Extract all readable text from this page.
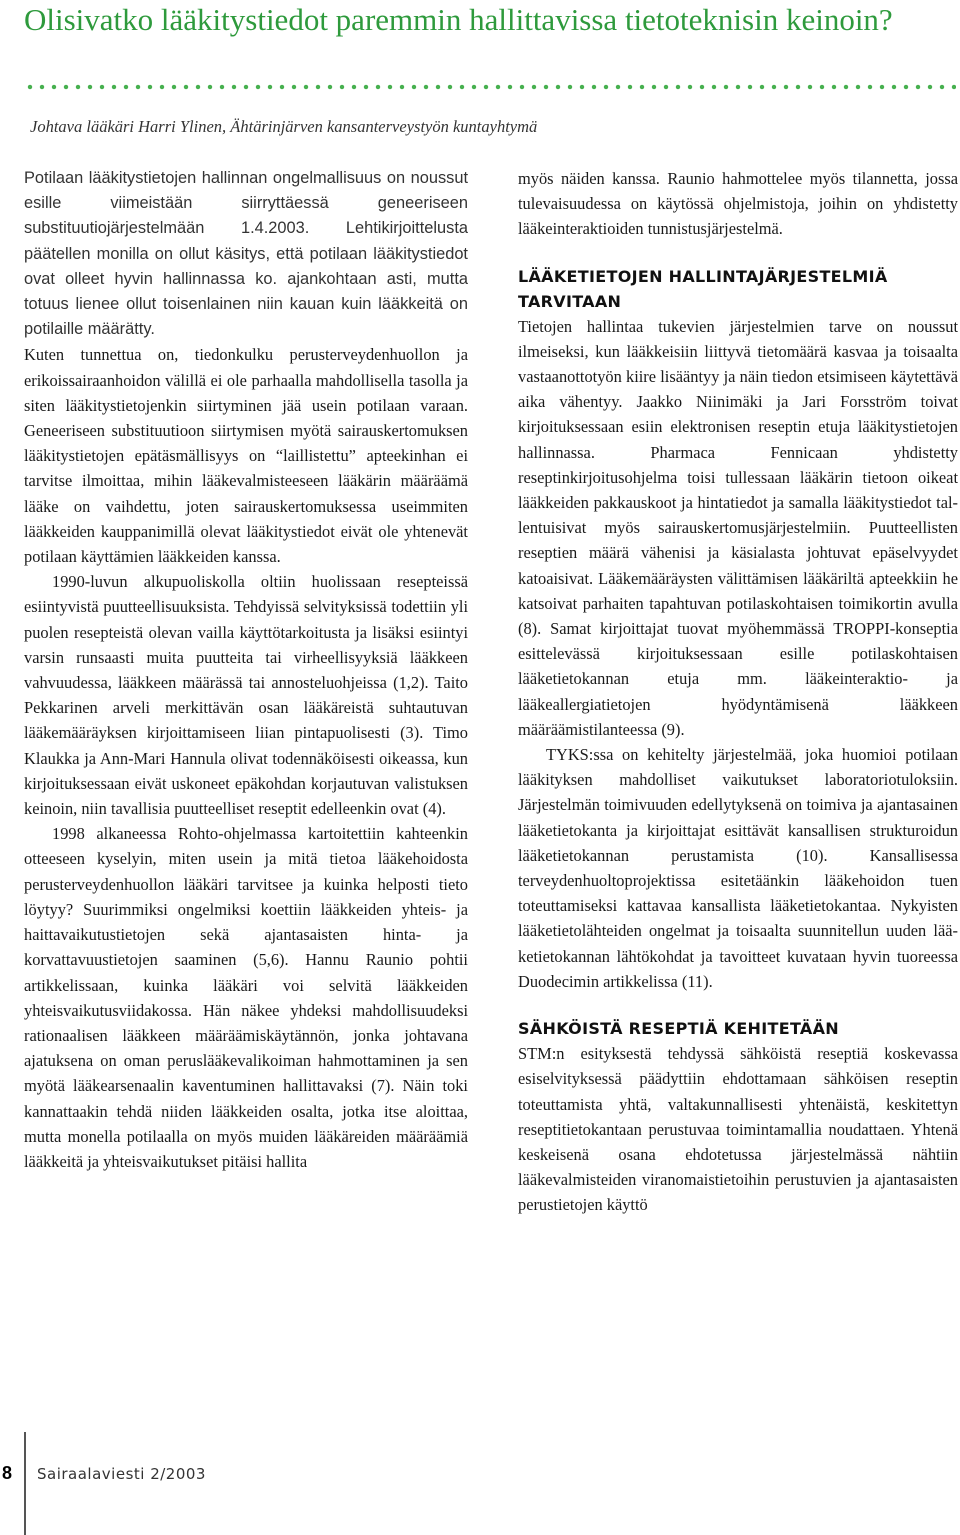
Olisivatko lääkitystiedot paremmin hallittavissa tietoteknisin keinoin?

Johtava lääkäri Harri Ylinen, Ähtärinjärven kansanterveystyön kuntayhtymä

Potilaan lääkitystietojen hallinnan ongelmallisuus on noussut esille viimeistään siirryttäessä geneeriseen substituutiojärjestelmään 1.4.2003. Lehtikirjoittelusta päätellen monilla on ollut käsitys, että potilaan lääkitystiedot ovat olleet hyvin hallinnassa ko. ajankohtaan asti, mutta totuus lienee ollut toisenlainen niin kauan kuin lääkkeitä on potilaille määrätty.

Kuten tunnettua on, tiedonkulku perusterveydenhuollon ja erikoissairaanhoidon välillä ei ole parhaalla mahdollisella tasolla ja siten lääkitystietojenkin siirtyminen jää usein potilaan varaan. Geneeriseen substituutioon siirtymisen myötä sairauskertomuksen lääkitystietojen epätäsmällisyys on “laillistettu” apteekinhan ei tarvitse ilmoittaa, mihin lääkevalmisteeseen lääkärin määräämä lääke on vaihdettu, joten sairauskertomuksessa useimmiten lääkkeiden kauppanimillä olevat lääkitystiedot eivät ole yhtenevät potilaan käyttämien lääkkeiden kanssa.

1990-luvun alkupuoliskolla oltiin huolissaan resepteissä esiintyvistä puutteellisuuksista. Tehdyissä selvityksissä todettiin yli puolen resepteistä olevan vailla käyttötarkoitusta ja lisäksi esiintyi varsin runsaasti muita puutteita tai virheellisyyksiä lääkkeen vahvuudessa, lääkkeen määrässä tai annosteluohjeissa (1,2). Taito Pekkarinen arveli merkittävän osan lääkäreistä suhtautuvan lääkemääräyksen kirjoittamiseen liian pintapuolisesti (3). Timo Klaukka ja Ann-Mari Hannula olivat todennäköisesti oikeassa, kun kirjoituksessaan eivät uskoneet epäkohdan korjautuvan valistuksen keinoin, niin tavallisia puutteelliset reseptit edelleenkin ovat (4).

1998 alkaneessa Rohto-ohjelmassa kartoitettiin kahteenkin otteeseen kyselyin, miten usein ja mitä tietoa lääkehoidosta perusterveydenhuollon lääkäri tarvitsee ja kuinka helposti tieto löytyy? Suurimmiksi ongelmiksi koettiin lääkkeiden yhteis- ja haittavaikutustietojen sekä ajantasaisten hinta- ja korvattavuustietojen saaminen (5,6). Hannu Raunio pohtii artikkelissaan, kuinka lääkäri voi selvitä lääkkeiden yhteisvaikutusviidakossa. Hän näkee yhdeksi mahdollisuudeksi rationaalisen lääkkeen määräämiskäytännön, jonka johtavana ajatuksena on oman peruslääkevalikoiman hahmottaminen ja sen myötä lääkearsenaalin kaventuminen hallittavaksi (7). Näin toki kannattaakin tehdä niiden lääkkeiden osalta, jotka itse aloittaa, mutta monella potilaalla on myös muiden lääkäreiden määräämiä lääkkeitä ja yhteisvaikutukset pitäisi hallita

myös näiden kanssa. Raunio hahmottelee myös tilannetta, jossa tulevaisuudessa on käytössä ohjelmistoja, joihin on yhdistetty lääkeinteraktioiden tunnistusjärjestelmä.

LÄÄKETIETOJEN HALLINTAJÄRJESTELMIÄ TARVITAAN

Tietojen hallintaa tukevien järjestelmien tarve on noussut ilmeiseksi, kun lääkkeisiin liittyvä tietomäärä kasvaa ja toisaalta vastaanottotyön kiire lisääntyy ja näin tiedon etsimiseen käytettävä aika vähentyy. Jaakko Niinimäki ja Jari Forsström toivat kirjoituksessaan esiin elektronisen reseptin etuja lääkitystietojen hallinnassa. Pharmaca Fennicaan yhdistetty reseptinkirjoitusohjelma toisi tullessaan lääkärin tietoon oikeat lääkkeiden pakkauskoot ja hintatiedot ja samalla lääkitystiedot tallentuisivat myös sairauskertomusjärjestelmiin. Puutteellisten reseptien määrä vähenisi ja käsialasta johtuvat epäselvyydet katoaisivat. Lääkemääräysten välittämisen lääkäriltä apteekkiin he katsoivat parhaiten tapahtuvan potilaskohtaisen toimikortin avulla (8). Samat kirjoittajat tuovat myöhemmässä TROPPI-konseptia esittelevässä kirjoituksessaan esille potilaskohtaisen lääketietokannan etuja mm. lääkeinteraktio- ja lääkeallergiatietojen hyödyntämisenä lääkkeen määräämistilanteessa (9).

TYKS:ssa on kehitelty järjestelmää, joka huomioi potilaan lääkityksen mahdolliset vaikutukset laboratoriotuloksiin. Järjestelmän toimivuuden edellytyksenä on toimiva ja ajantasainen lääketietokanta ja kirjoittajat esittävät kansallisen strukturoidun lääketietokannan perustamista (10). Kansallisessa terveydenhuoltoprojektissa esitetäänkin lääkehoidon tuen toteuttamiseksi kattavaa kansallista lääketietokantaa. Nykyisten lääketietolähteiden ongelmat ja toisaalta suunnitellun uuden lääketietokannan lähtökohdat ja tavoitteet kuvataan hyvin tuoreessa Duodecimin artikkelissa (11).

SÄHKÖISTÄ RESEPTIÄ KEHITETÄÄN

STM:n esityksestä tehdyssä sähköistä reseptiä koskevassa esiselvityksessä päädyttiin ehdottamaan sähköisen reseptin toteuttamista yhtä, valtakunnallisesti yhtenäistä, keskitettyn reseptitietokantaan perustuvaa toimintamallia noudattaen. Yhtenä keskeisenä osana ehdotetussa järjestelmässä nähtiin lääkevalmisteiden viranomaistietoihin perustuvien ja ajantasaisten perustietojen käyttö

8 Sairaalaviesti 2/2003
